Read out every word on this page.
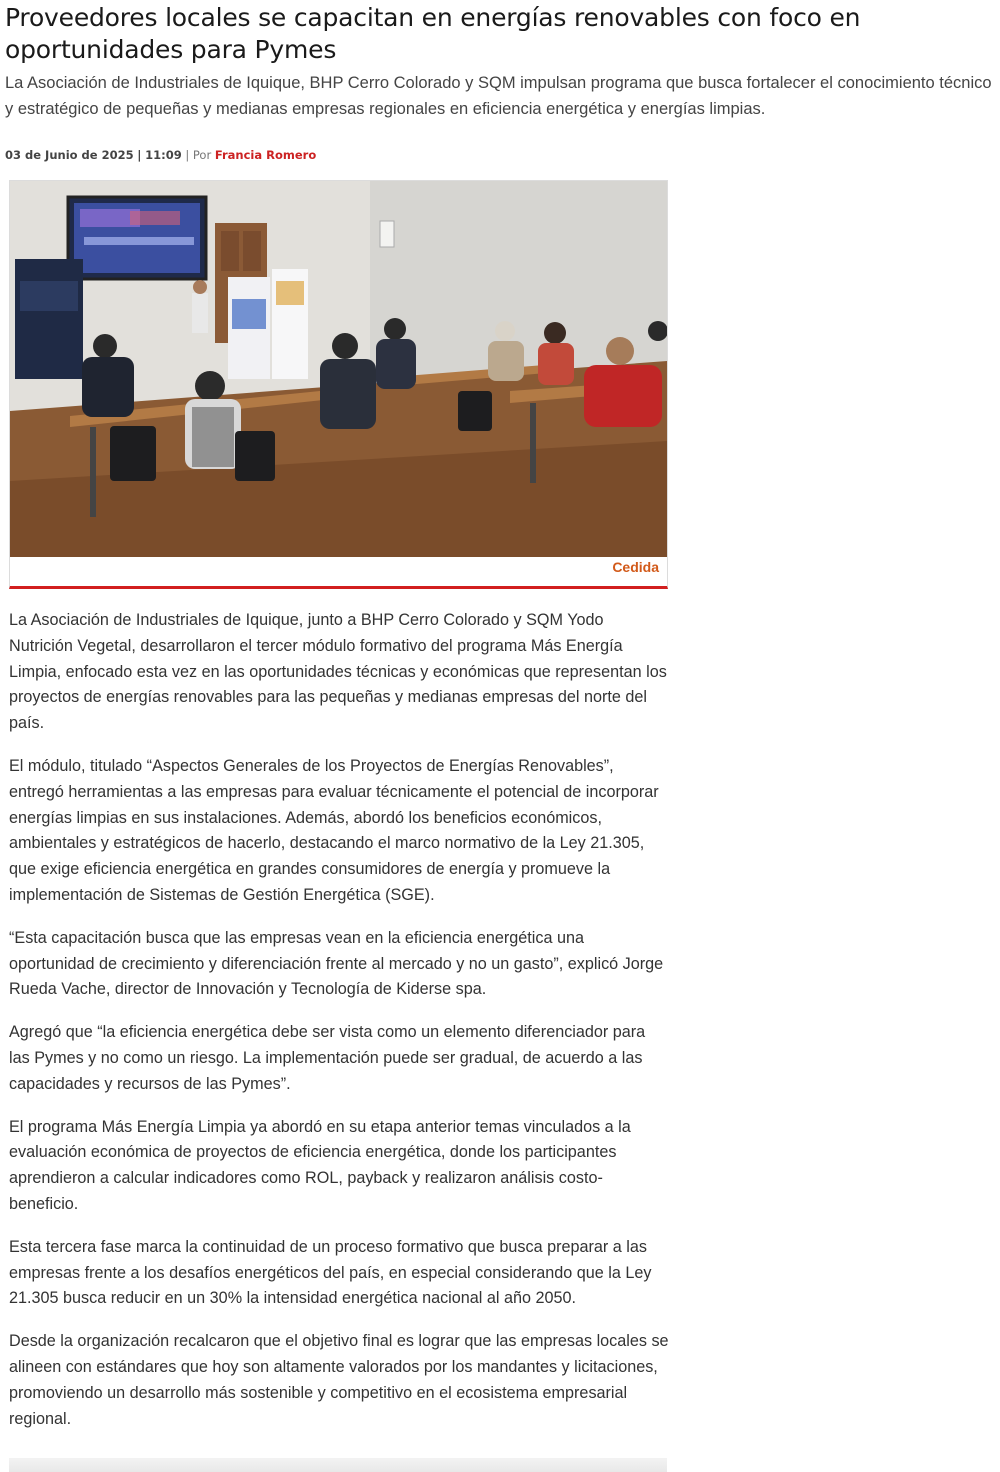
Proveedores locales se capacitan en energías renovables con foco en oportunidades para Pymes

La Asociación de Industriales de Iquique, BHP Cerro Colorado y SQM impulsan programa que busca fortalecer el conocimiento técnico y estratégico de pequeñas y medianas empresas regionales en eficiencia energética y energías limpias.

03 de Junio de 2025 | 11:09 | Por Francia Romero

Cedida

La Asociación de Industriales de Iquique, junto a BHP Cerro Colorado y SQM Yodo Nutrición Vegetal, desarrollaron el tercer módulo formativo del programa Más Energía Limpia, enfocado esta vez en las oportunidades técnicas y económicas que representan los proyectos de energías renovables para las pequeñas y medianas empresas del norte del país.

El módulo, titulado “Aspectos Generales de los Proyectos de Energías Renovables”, entregó herramientas a las empresas para evaluar técnicamente el potencial de incorporar energías limpias en sus instalaciones. Además, abordó los beneficios económicos, ambientales y estratégicos de hacerlo, destacando el marco normativo de la Ley 21.305, que exige eficiencia energética en grandes consumidores de energía y promueve la implementación de Sistemas de Gestión Energética (SGE).

“Esta capacitación busca que las empresas vean en la eficiencia energética una oportunidad de crecimiento y diferenciación frente al mercado y no un gasto”, explicó Jorge Rueda Vache, director de Innovación y Tecnología de Kiderse spa.

Agregó que “la eficiencia energética debe ser vista como un elemento diferenciador para las Pymes y no como un riesgo. La implementación puede ser gradual, de acuerdo a las capacidades y recursos de las Pymes”.

El programa Más Energía Limpia ya abordó en su etapa anterior temas vinculados a la evaluación económica de proyectos de eficiencia energética, donde los participantes aprendieron a calcular indicadores como ROL, payback y realizaron análisis costo-beneficio.

Esta tercera fase marca la continuidad de un proceso formativo que busca preparar a las empresas frente a los desafíos energéticos del país, en especial considerando que la Ley 21.305 busca reducir en un 30% la intensidad energética nacional al año 2050.

Desde la organización recalcaron que el objetivo final es lograr que las empresas locales se alineen con estándares que hoy son altamente valorados por los mandantes y licitaciones, promoviendo un desarrollo más sostenible y competitivo en el ecosistema empresarial regional.
